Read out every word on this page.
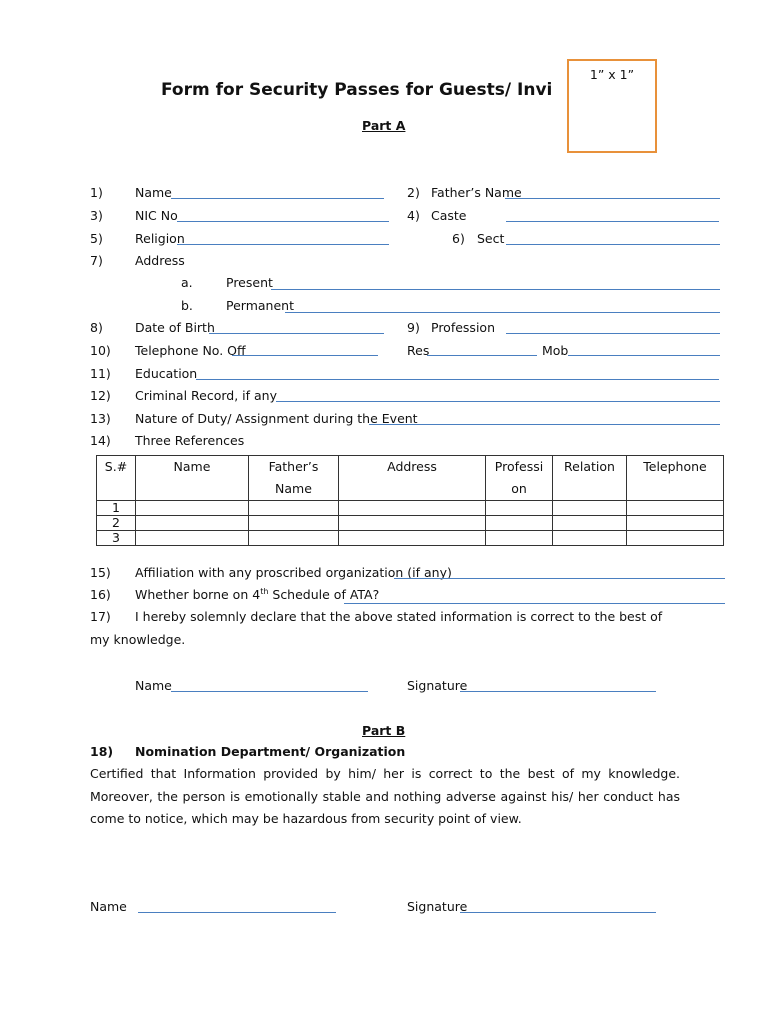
Form for Security Passes for Guests/ Invi
1” x 1”
Part A
1)	Name	2) Father’s Name
3)	NIC No	4) Caste
5)	Religion	6) Sect
7)	Address
a.	Present
b.	Permanent
8)	Date of Birth	9) Profession
10) Telephone No. Off	Res	Mob
11) Education
12) Criminal Record, if any
13) Nature of Duty/ Assignment during the Event
14) Three References
S.#	Name	Father’s Name	Address	Professi on	Relation	Telephone
1						
2						
3						
15) Affiliation with any proscribed organization (if any)
16) Whether borne on 4th Schedule of ATA?
17) I hereby solemnly declare that the above stated information is correct to the best of
my knowledge.
Name	Signature
Part B
18) Nomination Department/ Organization
Certified that Information provided by him/ her is correct to the best of my knowledge. Moreover, the person is emotionally stable and nothing adverse against his/ her conduct has come to notice, which may be hazardous from security point of view.
Name	Signature
